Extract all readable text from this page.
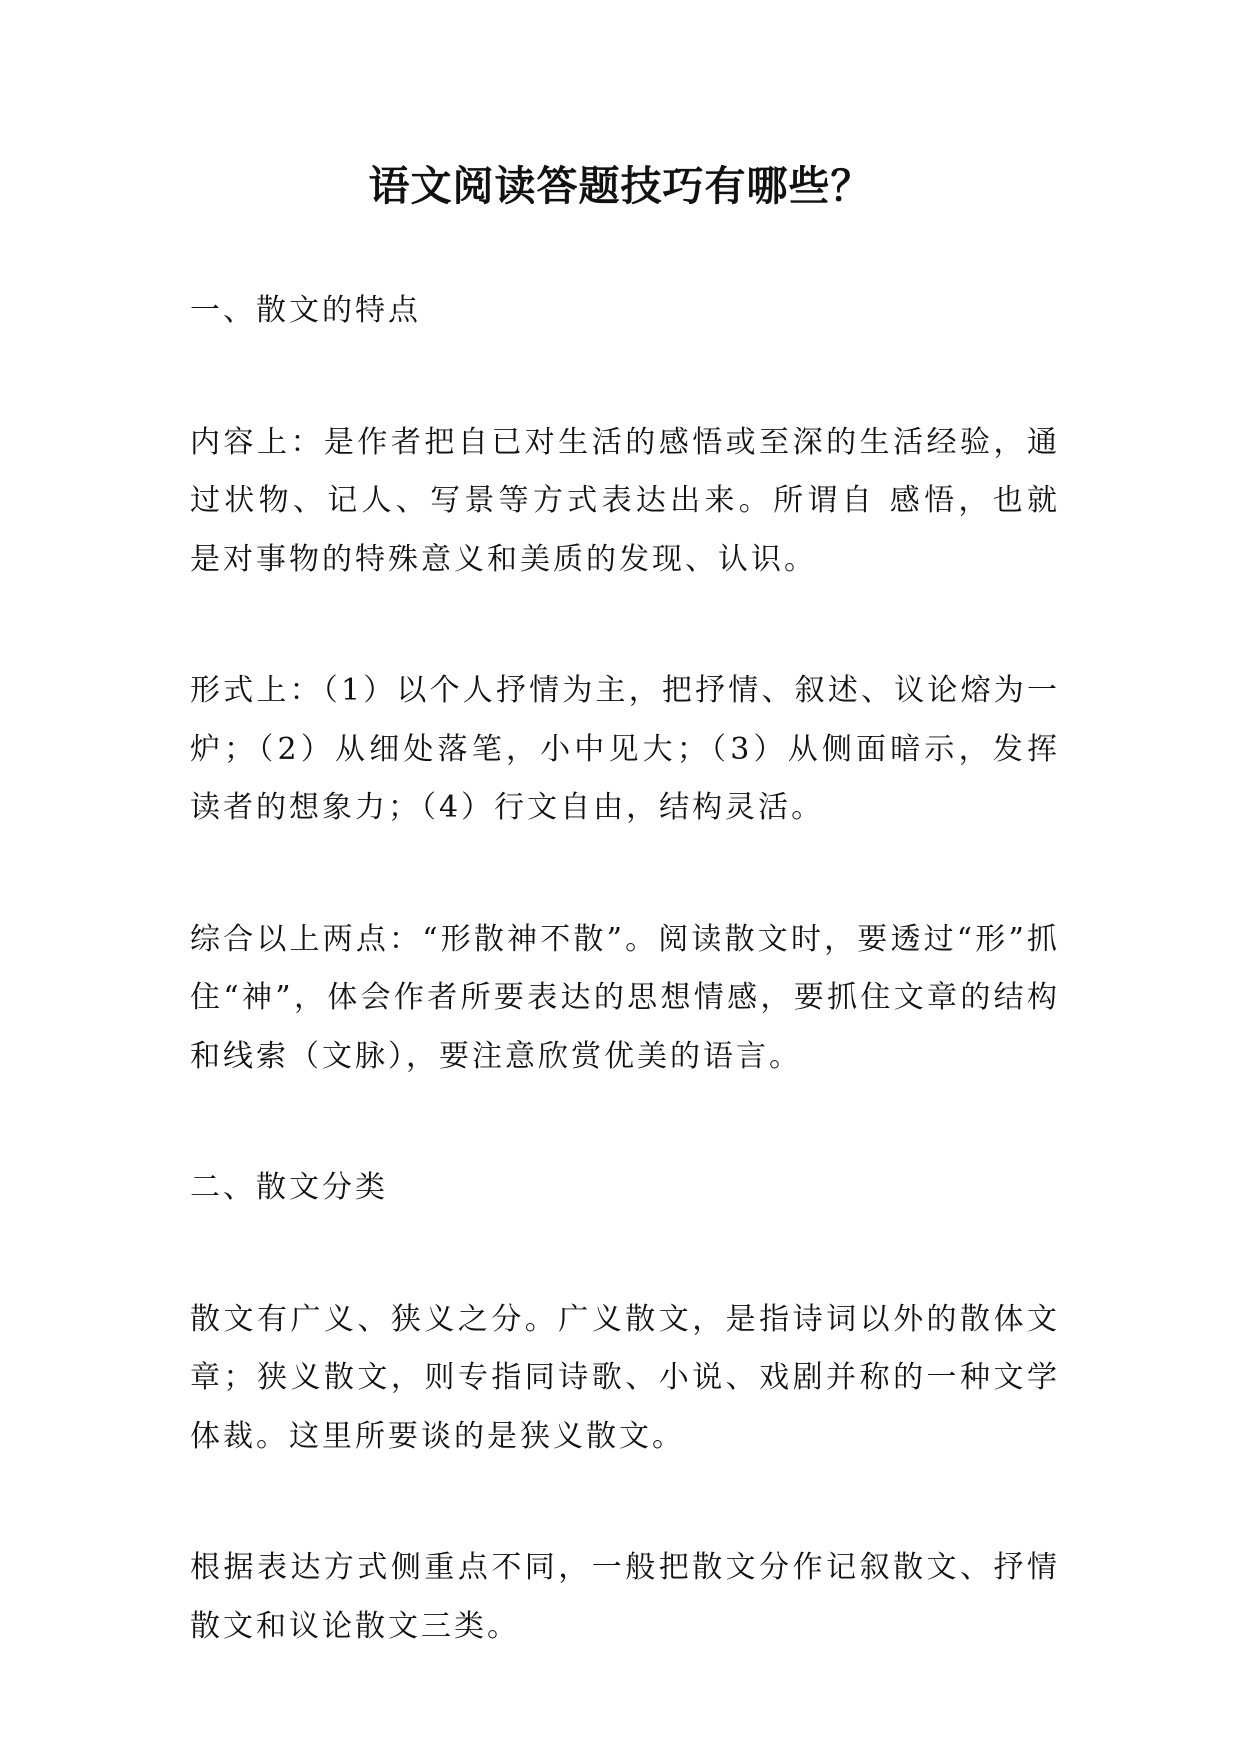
语文阅读答题技巧有哪些？

一、散文的特点

内容上：是作者把自已对生活的感悟或至深的生活经验，通过状物、记人、写景等方式表达出来。所谓自 感悟，也就是对事物的特殊意义和美质的发现、认识。

形式上：（1）以个人抒情为主，把抒情、叙述、议论熔为一炉；（2）从细处落笔，小中见大；（3）从侧面暗示，发挥读者的想象力；（4）行文自由，结构灵活。

综合以上两点：“形散神不散”。阅读散文时，要透过“形”抓住“神”，体会作者所要表达的思想情感，要抓住文章的结构和线索（文脉），要注意欣赏优美的语言。

二、散文分类

散文有广义、狭义之分。广义散文，是指诗词以外的散体文章；狭义散文，则专指同诗歌、小说、戏剧并称的一种文学体裁。这里所要谈的是狭义散文。

根据表达方式侧重点不同，一般把散文分作记叙散文、抒情散文和议论散文三类。
